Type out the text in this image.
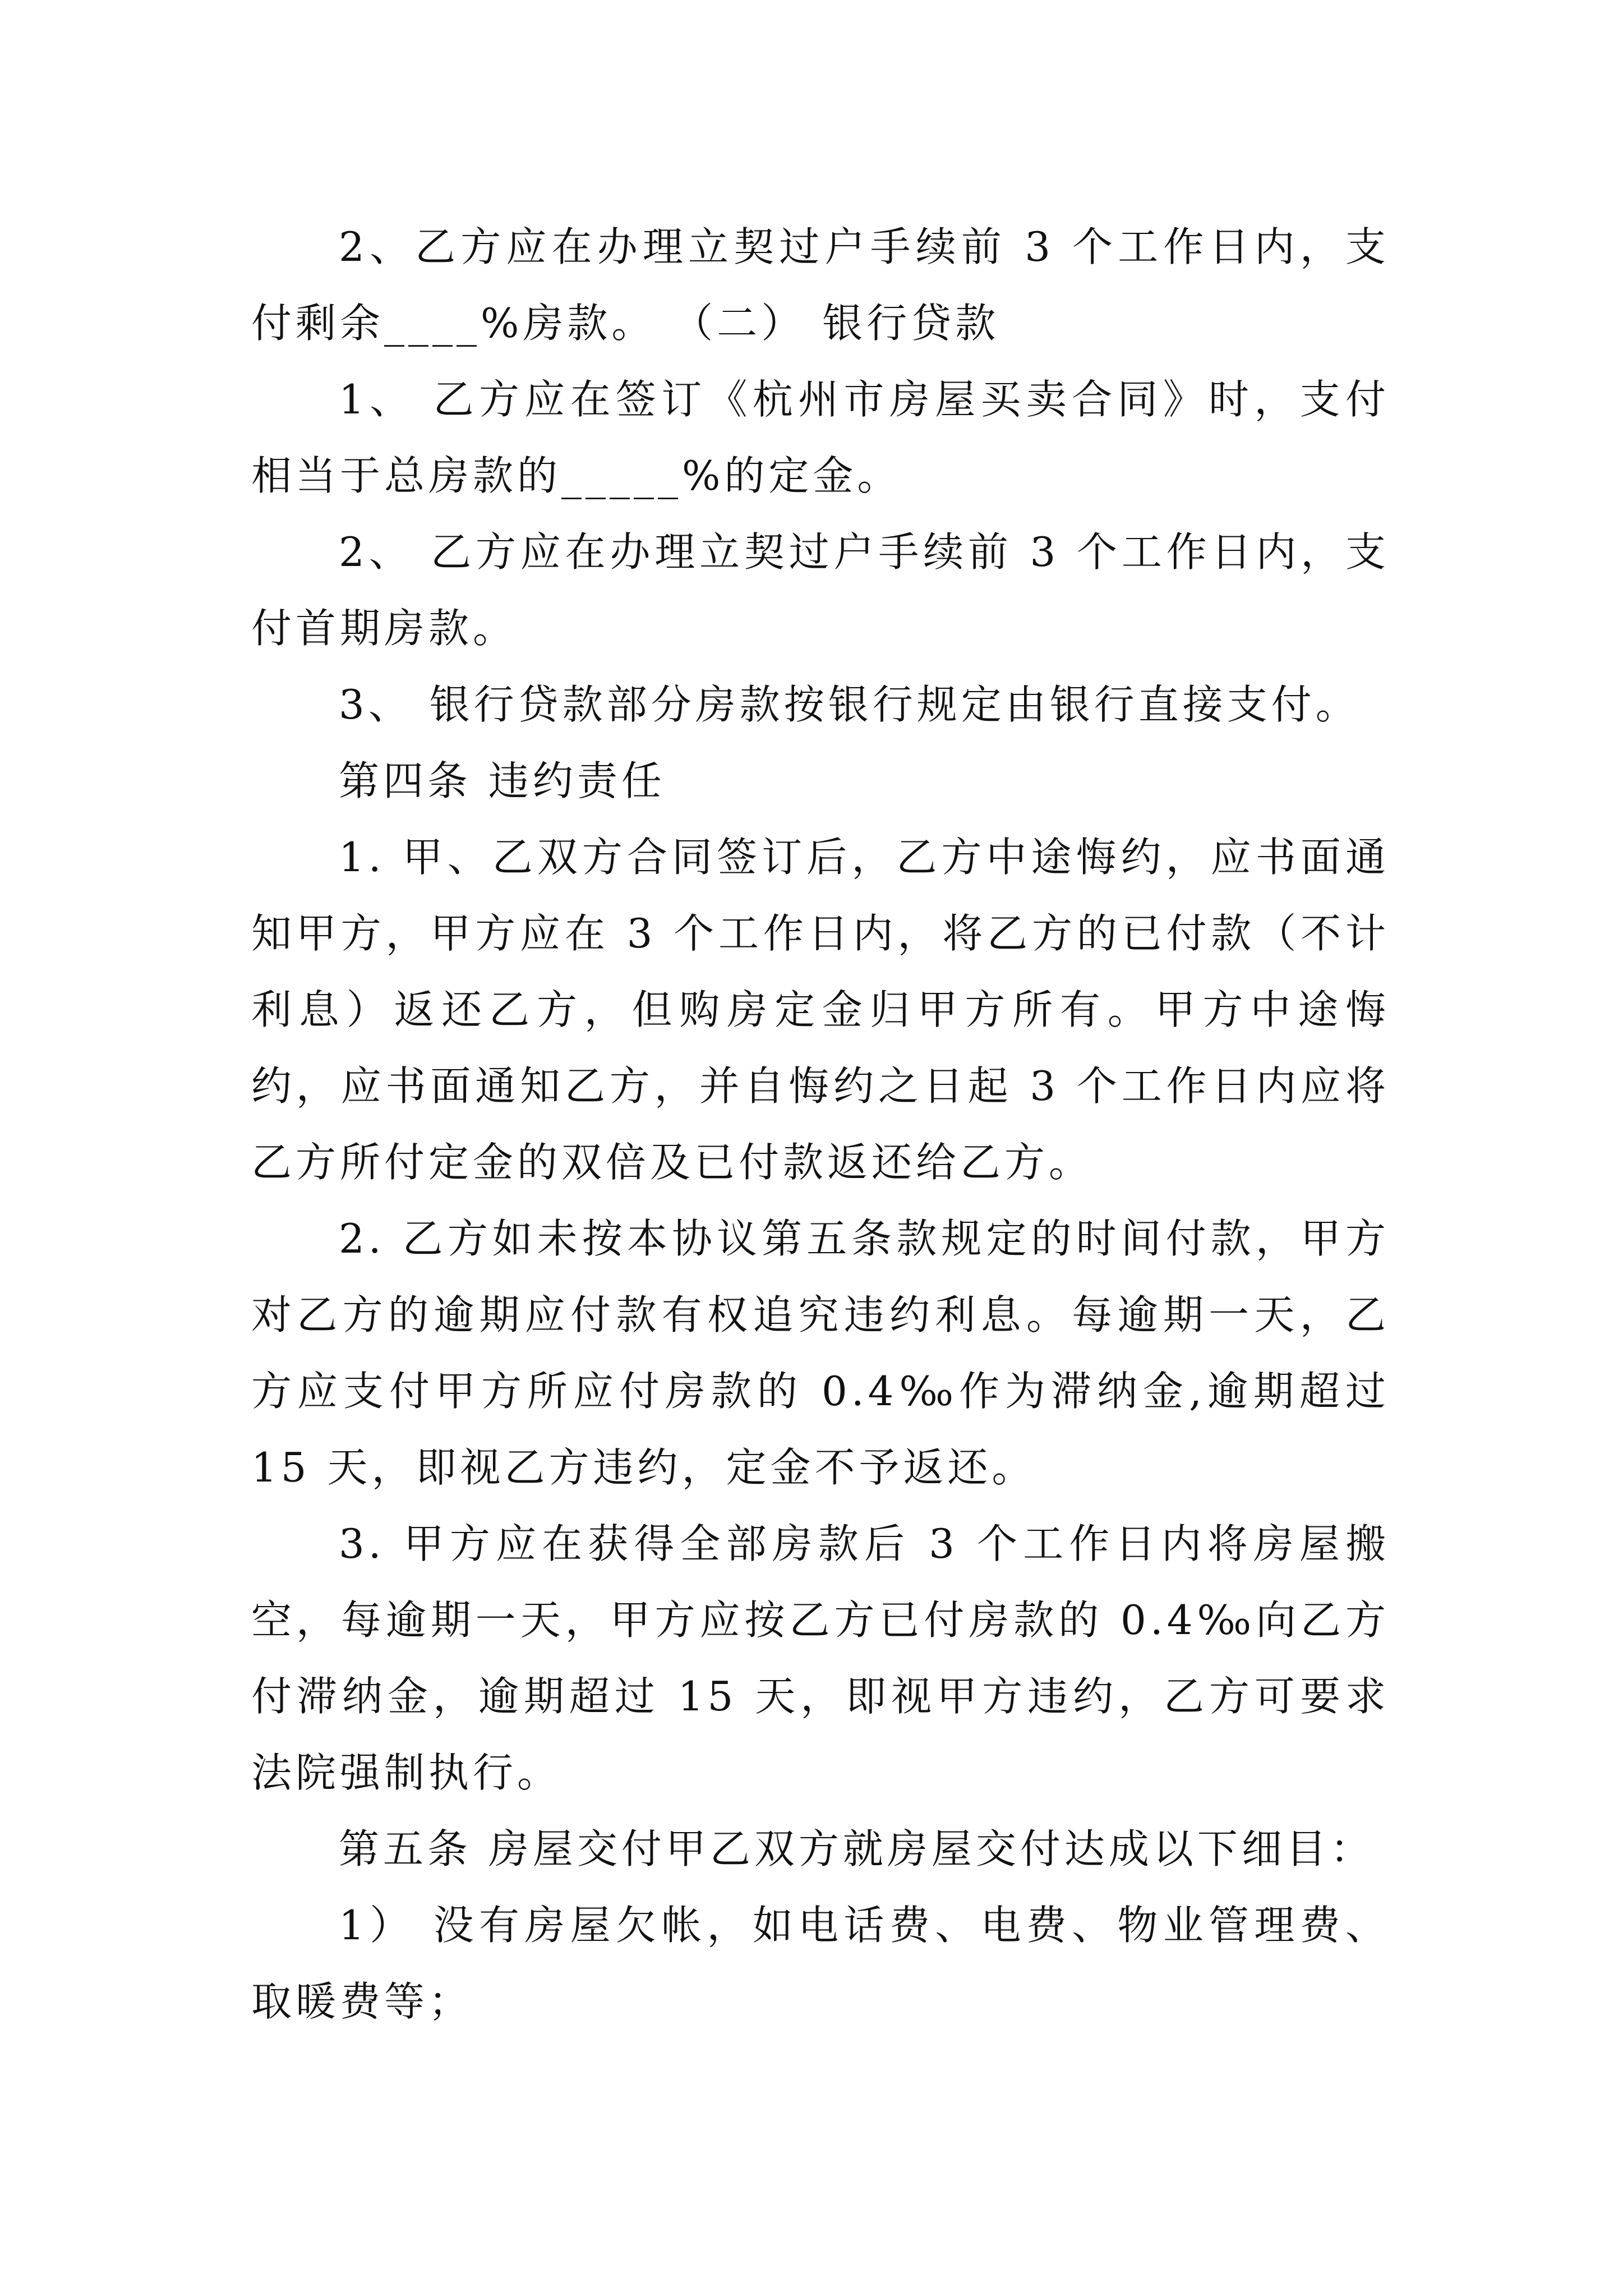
2、乙方应在办理立契过户手续前 3 个工作日内，支付剩余____%房款。 （二） 银行贷款

1、 乙方应在签订《杭州市房屋买卖合同》时，支付相当于总房款的_____%的定金。

2、 乙方应在办理立契过户手续前 3 个工作日内，支付首期房款。

3、 银行贷款部分房款按银行规定由银行直接支付。

第四条 违约责任

1. 甲、乙双方合同签订后，乙方中途悔约，应书面通知甲方，甲方应在 3 个工作日内，将乙方的已付款（不计利息）返还乙方，但购房定金归甲方所有。甲方中途悔约，应书面通知乙方，并自悔约之日起 3 个工作日内应将乙方所付定金的双倍及已付款返还给乙方。

2. 乙方如未按本协议第五条款规定的时间付款，甲方对乙方的逾期应付款有权追究违约利息。每逾期一天，乙方应支付甲方所应付房款的 0.4‰作为滞纳金,逾期超过 15 天，即视乙方违约，定金不予返还。

3. 甲方应在获得全部房款后 3 个工作日内将房屋搬空，每逾期一天，甲方应按乙方已付房款的 0.4‰向乙方付滞纳金，逾期超过 15 天，即视甲方违约，乙方可要求法院强制执行。

第五条 房屋交付甲乙双方就房屋交付达成以下细目：

1） 没有房屋欠帐，如电话费、电费、物业管理费、取暖费等；
